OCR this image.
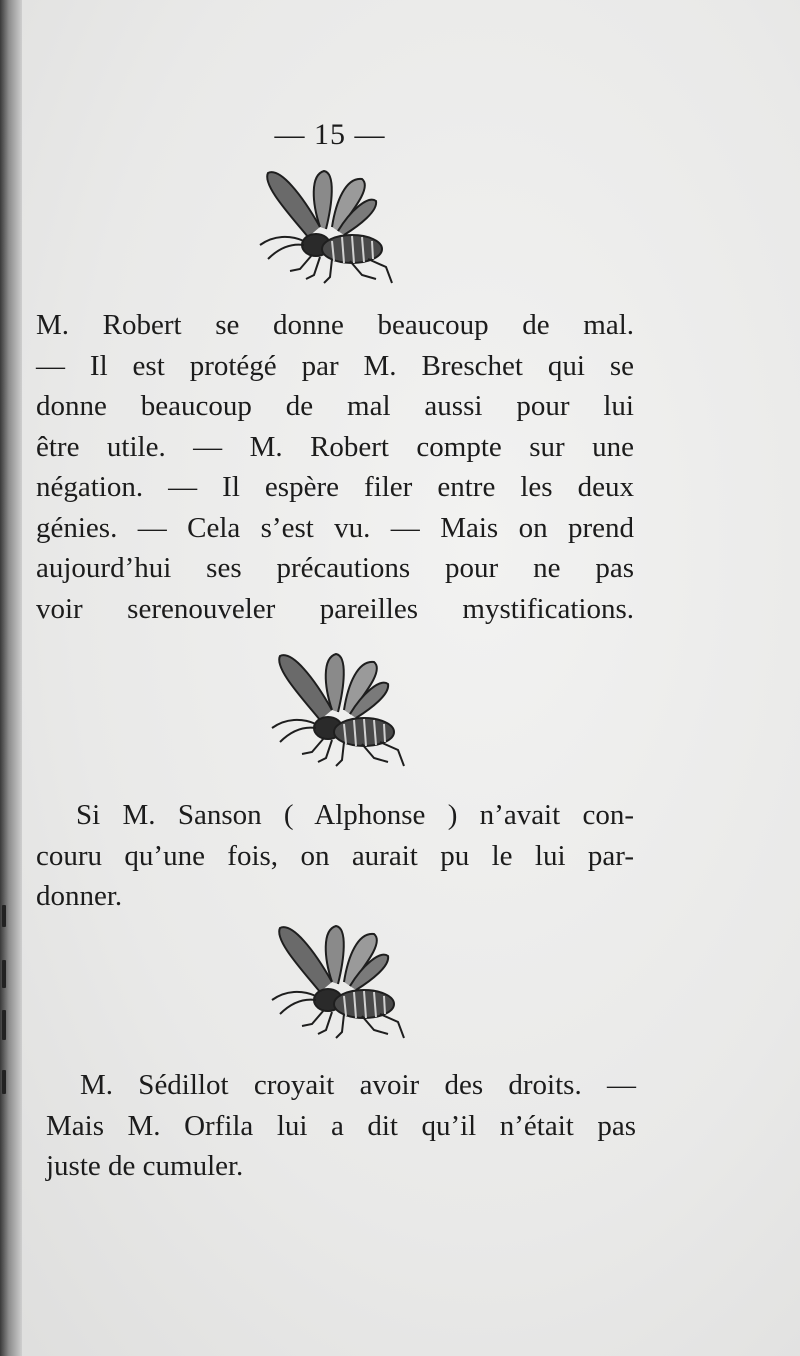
— 15 —
M. Robert se donne beaucoup de mal.
— Il est protégé par M. Breschet qui se
donne beaucoup de mal aussi pour lui
être utile. — M. Robert compte sur une
négation. — Il espère filer entre les deux
génies. — Cela s’est vu. — Mais on prend
aujourd’hui ses précautions pour ne pas
voir serenouveler pareilles mystifications.
Si M. Sanson ( Alphonse ) n’avait con-
couru qu’une fois, on aurait pu le lui par-
donner.
M. Sédillot croyait avoir des droits. —
Mais M. Orfila lui a dit qu’il n’était pas
juste de cumuler.
